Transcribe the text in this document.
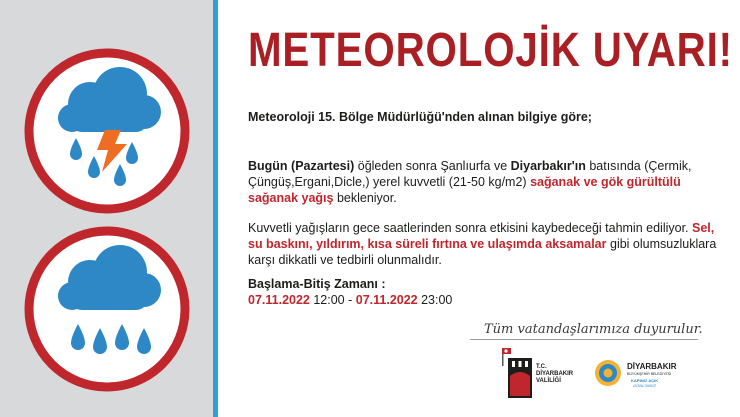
METEOROLOJİK UYARI!
Meteoroloji 15. Bölge Müdürlüğü'nden alınan bilgiye göre;
Bugün (Pazartesi) öğleden sonra Şanlıurfa ve Diyarbakır'ın batısında (Çermik, Çüngüş,Ergani,Dicle,) yerel kuvvetli (21-50 kg/m2) sağanak ve gök gürültülü sağanak yağış bekleniyor.
Kuvvetli yağışların gece saatlerinden sonra etkisini kaybedeceği tahmin ediliyor. Sel, su baskını, yıldırım, kısa süreli fırtına ve ulaşımda aksamalar gibi olumsuzluklara karşı dikkatli ve tedbirli olunmalıdır.
Başlama-Bitiş Zamanı :
07.11.2022 12:00 - 07.11.2022 23:00
Tüm vatandaşlarımıza duyurulur.
T.C.
DİYARBAKIR
VALİLİĞİ
DİYARBAKIR
BÜYÜKŞEHİR BELEDİYESİ
KAPIMIZ AÇIK
GÖNLÜMÜZ
